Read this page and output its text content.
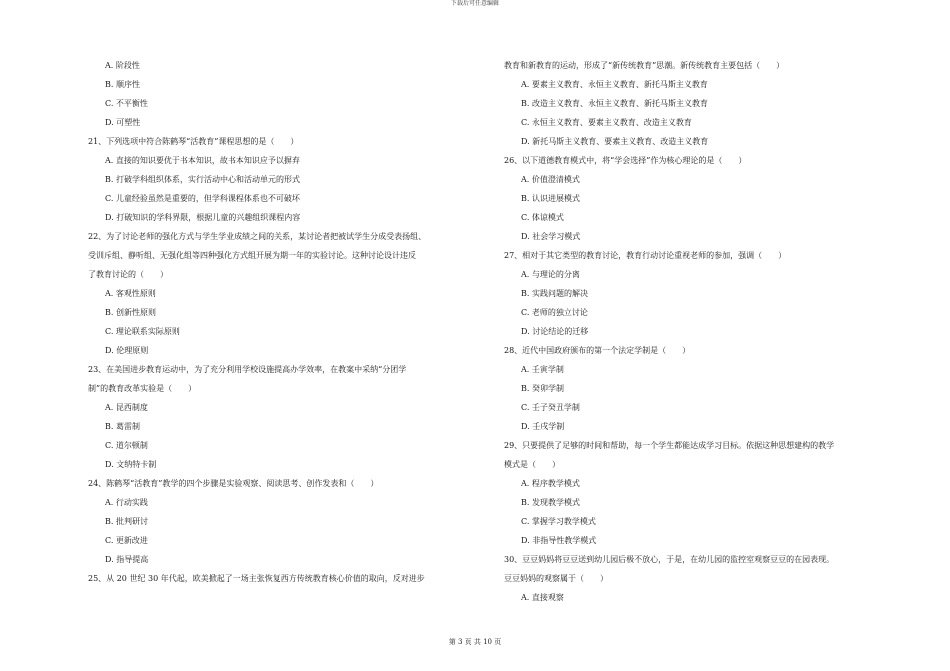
下载后可任意编辑
A. 阶段性
B. 顺序性
C. 不平衡性
D. 可塑性
21、下列选项中符合陈鹤琴“活教育”课程思想的是（　　）
A. 直接的知识要优于书本知识，故书本知识应予以摒弃
B. 打破学科组织体系，实行活动中心和活动单元的形式
C. 儿童经验虽然是重要的，但学科课程体系也不可破坏
D. 打破知识的学科界限，根据儿童的兴趣组织课程内容
22、为了讨论老师的强化方式与学生学业成绩之间的关系，某讨论者把被试学生分成受表扬组、
受训斥组、静听组、无强化组等四种强化方式组开展为期一年的实验讨论。这种讨论设计违反
了教育讨论的（　　）
A. 客观性原则
B. 创新性原则
C. 理论联系实际原则
D. 伦理原则
23、在美国进步教育运动中，为了充分利用学校设施提高办学效率，在教案中采纳“分团学
制”的教育改革实验是（　　）
A. 昆西制度
B. 葛雷制
C. 道尔顿制
D. 文纳特卡制
24、陈鹤琴“活教育”教学的四个步骤是实验观察、阅读思考、创作发表和（　　）
A. 行动实践
B. 批判研讨
C. 更新改进
D. 指导提高
25、从 20 世纪 30 年代起，欧美掀起了一场主张恢复西方传统教育核心价值的取向，反对进步
教育和新教育的运动，形成了“新传统教育”思潮。新传统教育主要包括（　　）
A. 要素主义教育、永恒主义教育、新托马斯主义教育
B. 改造主义教育、永恒主义教育、新托马斯主义教育
C. 永恒主义教育、要素主义教育、改造主义教育
D. 新托马斯主义教育、要素主义教育、改造主义教育
26、以下道德教育模式中，将“学会选择”作为核心理论的是（　　）
A. 价值澄清模式
B. 认识进展模式
C. 体谅模式
D. 社会学习模式
27、相对于其它类型的教育讨论，教育行动讨论重视老师的参加，强调（　　）
A. 与理论的分离
B. 实践问题的解决
C. 老师的独立讨论
D. 讨论结论的迁移
28、近代中国政府颁布的第一个法定学制是（　　）
A. 壬寅学制
B. 癸卯学制
C. 壬子癸丑学制
D. 壬戌学制
29、只要提供了足够的时间和帮助，每一个学生都能达成学习目标。依据这种思想建构的教学
模式是（　　）
A. 程序教学模式
B. 发现教学模式
C. 掌握学习教学模式
D. 非指导性教学模式
30、豆豆妈妈将豆豆送到幼儿园后极不放心，于是，在幼儿园的监控室观察豆豆的在园表现。
豆豆妈妈的观察属于（　　）
A. 直接观察
第 3 页 共 10 页
